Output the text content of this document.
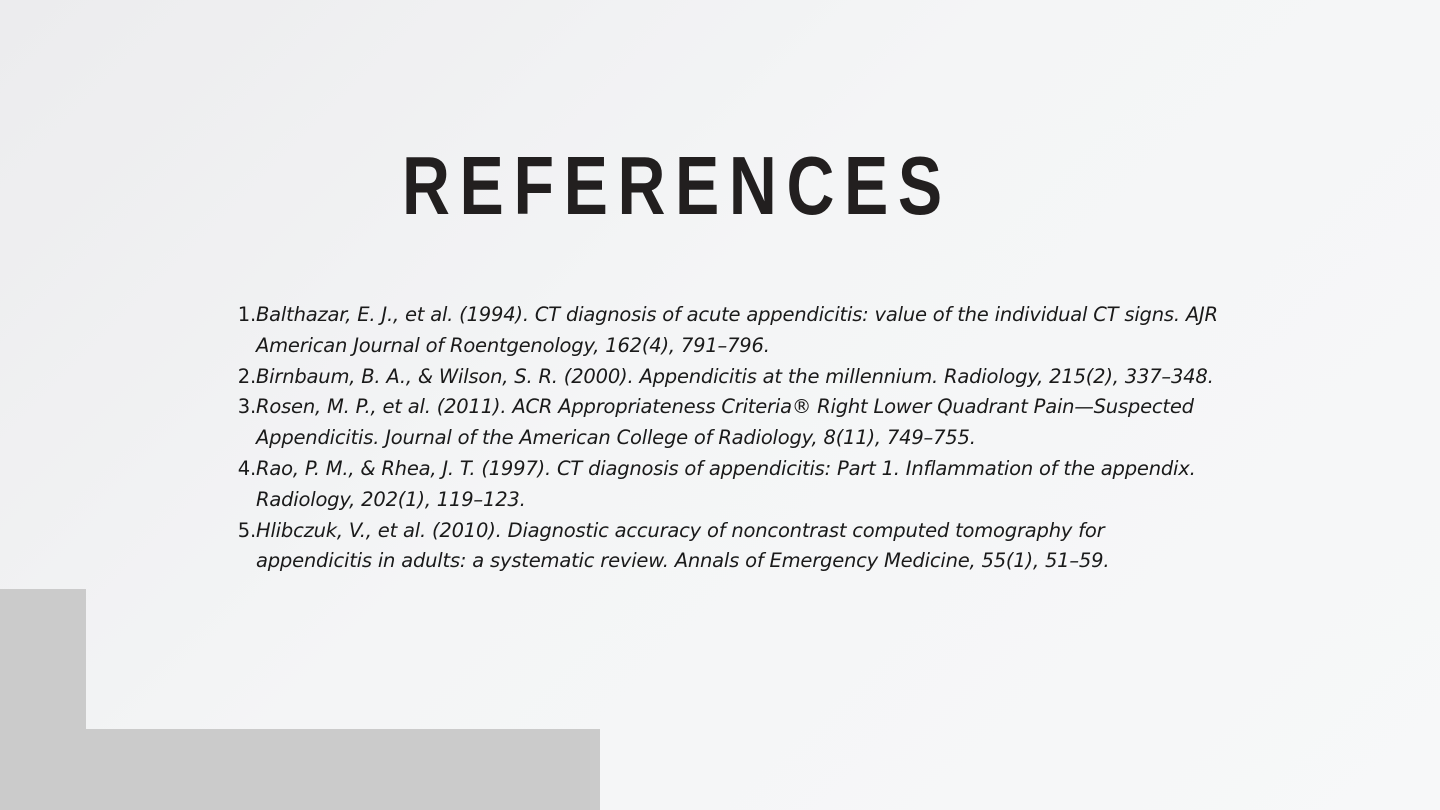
REFERENCES
1. Balthazar, E. J., et al. (1994). CT diagnosis of acute appendicitis: value of the individual CT signs. AJR American Journal of Roentgenology, 162(4), 791–796.
2. Birnbaum, B. A., & Wilson, S. R. (2000). Appendicitis at the millennium. Radiology, 215(2), 337–348.
3. Rosen, M. P., et al. (2011). ACR Appropriateness Criteria® Right Lower Quadrant Pain—Suspected Appendicitis. Journal of the American College of Radiology, 8(11), 749–755.
4. Rao, P. M., & Rhea, J. T. (1997). CT diagnosis of appendicitis: Part 1. Inflammation of the appendix. Radiology, 202(1), 119–123.
5. Hlibczuk, V., et al. (2010). Diagnostic accuracy of noncontrast computed tomography for appendicitis in adults: a systematic review. Annals of Emergency Medicine, 55(1), 51–59.
